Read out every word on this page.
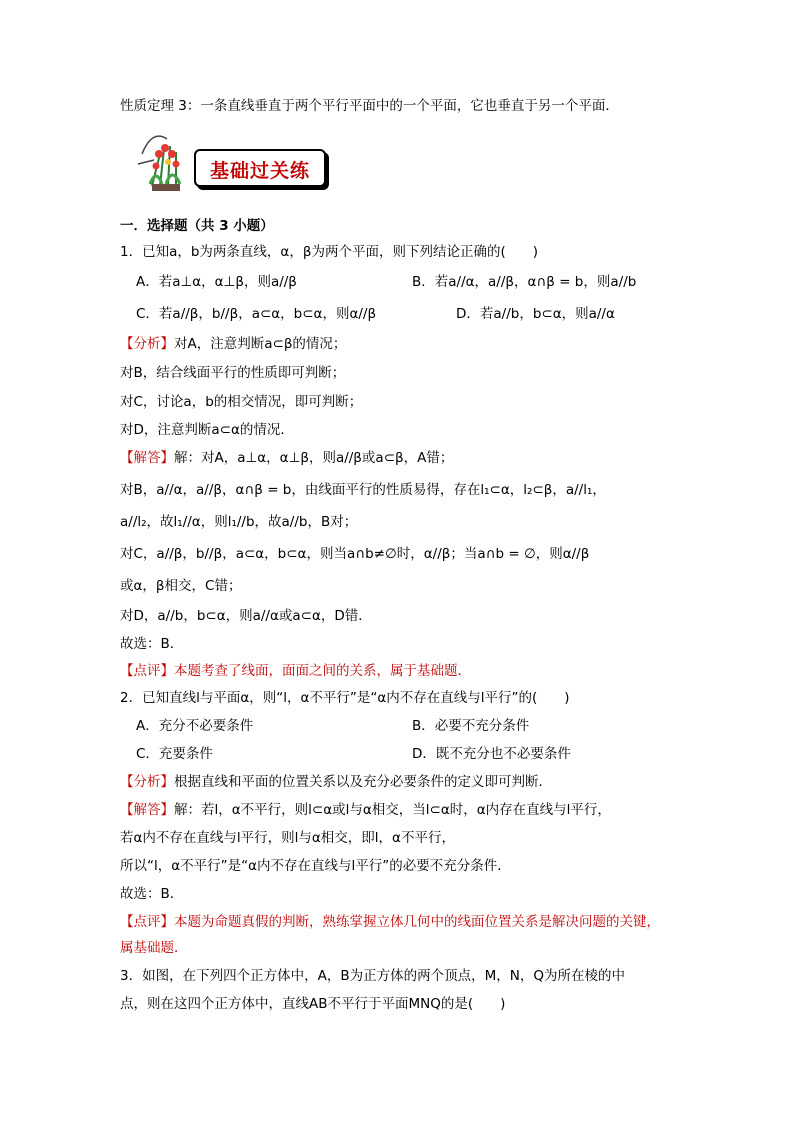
性质定理 3：一条直线垂直于两个平行平面中的一个平面，它也垂直于另一个平面．
基础过关练
一．选择题（共 3 小题）
1．已知a，b为两条直线，α，β为两个平面，则下列结论正确的(　　)
A．若a⊥α，α⊥β，则a//β	B．若a//α，a//β，α∩β = b，则a//b
C．若a//β，b//β，a⊂α，b⊂α，则α//β	D．若a//b，b⊂α，则a//α
【分析】对A，注意判断a⊂β的情况；
对B，结合线面平行的性质即可判断；
对C，讨论a，b的相交情况，即可判断；
对D，注意判断a⊂α的情况．
【解答】解：对A，a⊥α，α⊥β，则a//β或a⊂β，A错；
对B，a//α，a//β，α∩β = b，由线面平行的性质易得，存在l₁⊂α，l₂⊂β，a//l₁，
a//l₂，故l₁//α，则l₁//b，故a//b，B对；
对C，a//β，b//β，a⊂α，b⊂α，则当a∩b≠∅时，α//β；当a∩b = ∅，则α//β
或α，β相交，C错；
对D，a//b，b⊂α，则a//α或a⊂α，D错．
故选：B．
【点评】本题考查了线面，面面之间的关系，属于基础题．
2．已知直线l与平面α，则“l，α不平行”是“α内不存在直线与l平行”的(　　)
A．充分不必要条件	B．必要不充分条件
C．充要条件	D．既不充分也不必要条件
【分析】根据直线和平面的位置关系以及充分必要条件的定义即可判断．
【解答】解：若l，α不平行，则l⊂α或l与α相交，当l⊂α时，α内存在直线与l平行，
若α内不存在直线与l平行，则l与α相交，即l，α不平行，
所以“l，α不平行”是“α内不存在直线与l平行”的必要不充分条件．
故选：B．
【点评】本题为命题真假的判断，熟练掌握立体几何中的线面位置关系是解决问题的关键，
属基础题．
3．如图，在下列四个正方体中，A，B为正方体的两个顶点，M，N，Q为所在棱的中
点，则在这四个正方体中，直线AB不平行于平面MNQ的是(　　)
